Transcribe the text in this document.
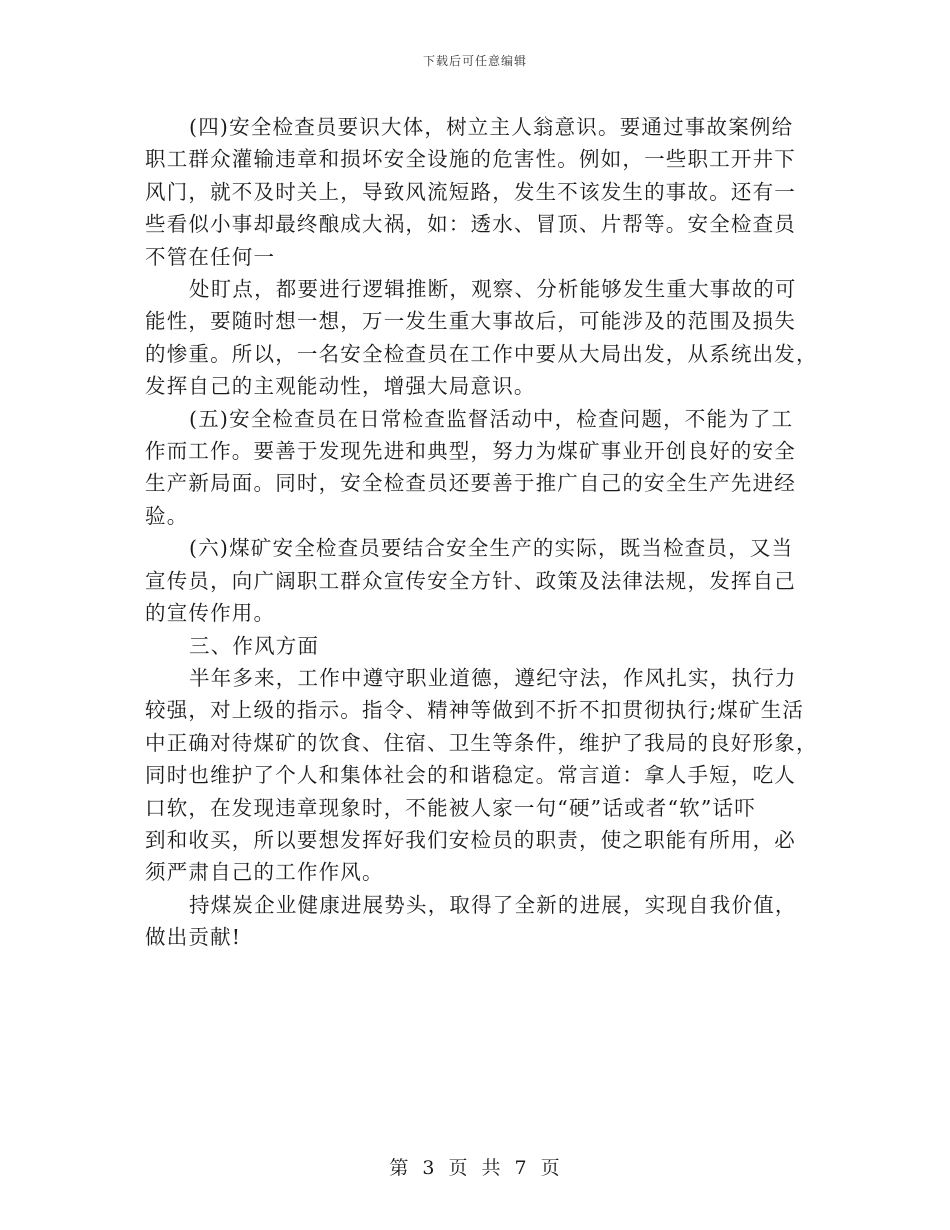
下载后可任意编辑

(四)安全检查员要识大体，树立主人翁意识。要通过事故案例给
职工群众灌输违章和损坏安全设施的危害性。例如，一些职工开井下
风门，就不及时关上，导致风流短路，发生不该发生的事故。还有一
些看似小事却最终酿成大祸，如：透水、冒顶、片帮等。安全检查员
不管在任何一

处盯点，都要进行逻辑推断，观察、分析能够发生重大事故的可
能性，要随时想一想，万一发生重大事故后，可能涉及的范围及损失
的惨重。所以，一名安全检查员在工作中要从大局出发，从系统出发，
发挥自己的主观能动性，增强大局意识。

(五)安全检查员在日常检查监督活动中，检查问题，不能为了工
作而工作。要善于发现先进和典型，努力为煤矿事业开创良好的安全
生产新局面。同时，安全检查员还要善于推广自己的安全生产先进经
验。

(六)煤矿安全检查员要结合安全生产的实际，既当检查员，又当
宣传员，向广阔职工群众宣传安全方针、政策及法律法规，发挥自己
的宣传作用。

三、作风方面

半年多来，工作中遵守职业道德，遵纪守法，作风扎实，执行力
较强，对上级的指示。指令、精神等做到不折不扣贯彻执行;煤矿生活
中正确对待煤矿的饮食、住宿、卫生等条件，维护了我局的良好形象，
同时也维护了个人和集体社会的和谐稳定。常言道：拿人手短，吃人
口软，在发现违章现象时，不能被人家一句“硬”话或者“软”话吓
到和收买，所以要想发挥好我们安检员的职责，使之职能有所用，必
须严肃自己的工作作风。

持煤炭企业健康进展势头，取得了全新的进展，实现自我价值，
做出贡献!

第 3 页 共 7 页
